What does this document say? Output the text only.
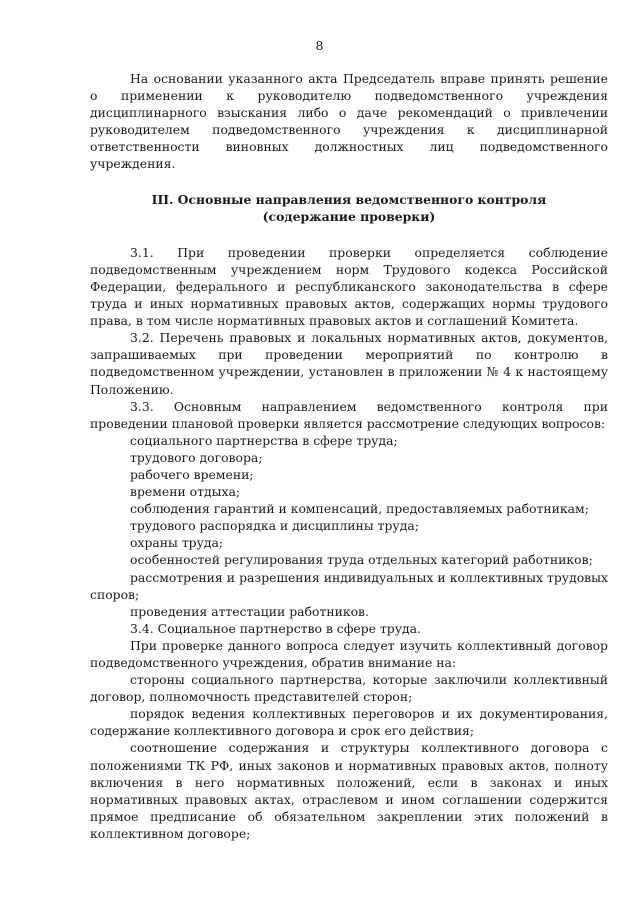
8

На основании указанного акта Председатель вправе принять решение о применении к руководителю подведомственного учреждения дисциплинарного взыскания либо о даче рекомендаций о привлечении руководителем подведомственного учреждения к дисциплинарной ответственности виновных должностных лиц подведомственного учреждения.

III. Основные направления ведомственного контроля
(содержание проверки)

3.1. При проведении проверки определяется соблюдение подведомственным учреждением норм Трудового кодекса Российской Федерации, федерального и республиканского законодательства в сфере труда и иных нормативных правовых актов, содержащих нормы трудового права, в том числе нормативных правовых актов и соглашений Комитета.

3.2. Перечень правовых и локальных нормативных актов, документов, запрашиваемых при проведении мероприятий по контролю в подведомственном учреждении, установлен в приложении № 4 к настоящему Положению.

3.3. Основным направлением ведомственного контроля при проведении плановой проверки является рассмотрение следующих вопросов:

социального партнерства в сфере труда;

трудового договора;

рабочего времени;

времени отдыха;

соблюдения гарантий и компенсаций, предоставляемых работникам;

трудового распорядка и дисциплины труда;

охраны труда;

особенностей регулирования труда отдельных категорий работников;

рассмотрения и разрешения индивидуальных и коллективных трудовых споров;

проведения аттестации работников.

3.4. Социальное партнерство в сфере труда.

При проверке данного вопроса следует изучить коллективный договор подведомственного учреждения, обратив внимание на:

стороны социального партнерства, которые заключили коллективный договор, полномочность представителей сторон;

порядок ведения коллективных переговоров и их документирования, содержание коллективного договора и срок его действия;

соотношение содержания и структуры коллективного договора с положениями ТК РФ, иных законов и нормативных правовых актов, полноту включения в него нормативных положений, если в законах и иных нормативных правовых актах, отраслевом и ином соглашении содержится прямое предписание об обязательном закреплении этих положений в коллективном договоре;
